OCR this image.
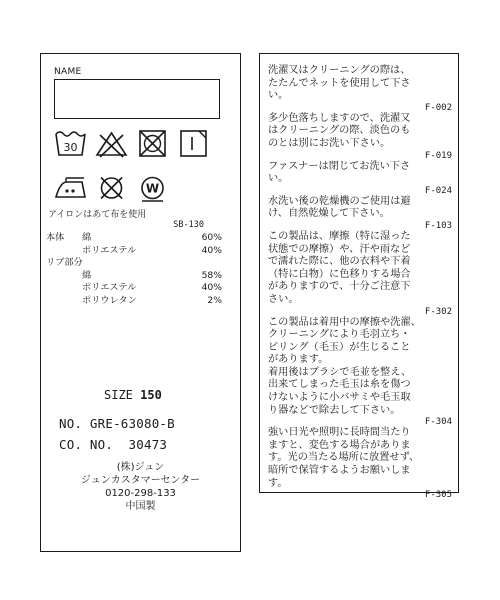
NAME
30
W
アイロンはあて布を使用
SB-130
本体	綿	60%
ポリエステル	40%
リブ部分
綿	58%
ポリエステル	40%
ポリウレタン	2%
SIZE 150
NO. GRE-63080-B
CO. NO.  30473
(株)ジュン
ジュンカスタマーセンター
0120-298-133
中国製
洗濯又はクリーニングの際は、
たたんでネットを使用して下さ
い。
F-002
多少色落ちしますので、洗濯又
はクリーニングの際、淡色のも
のとは別にお洗い下さい。
F-019
ファスナーは閉じてお洗い下さ
い。
F-024
水洗い後の乾燥機のご使用は避
け、自然乾燥して下さい。
F-103
この製品は、摩擦（特に湿った
状態での摩擦）や、汗や雨など
で濡れた際に、他の衣料や下着
（特に白物）に色移りする場合
がありますので、十分ご注意下
さい。
F-302
この製品は着用中の摩擦や洗濯、
クリーニングにより毛羽立ち・
ピリング（毛玉）が生じること
があります。
着用後はブラシで毛並を整え、
出来てしまった毛玉は糸を傷つ
けないように小バサミや毛玉取
り器などで除去して下さい。
F-304
強い日光や照明に長時間当たり
ますと、変色する場合がありま
す。光の当たる場所に放置せず、
暗所で保管するようお願いしま
す。
F-305
